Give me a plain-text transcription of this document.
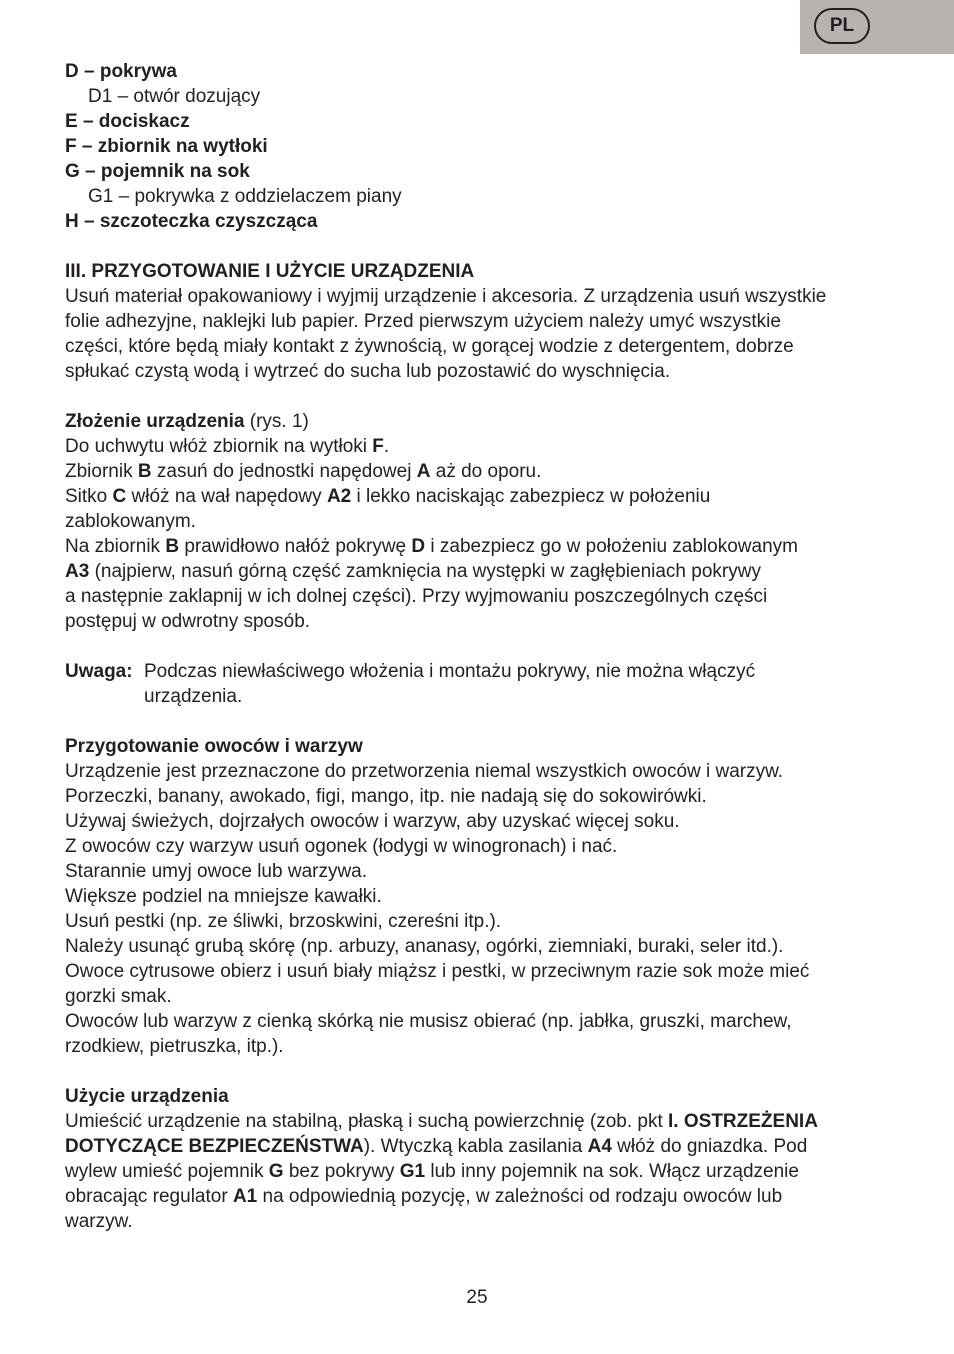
PL

D – pokrywa

D1 – otwór dozujący

E – dociskacz

F – zbiornik na wytłoki

G – pojemnik na sok

G1 – pokrywka z oddzielaczem piany

H – szczoteczka czyszcząca

III. PRZYGOTOWANIE I UŻYCIE URZĄDZENIA

Usuń materiał opakowaniowy i wyjmij urządzenie i akcesoria. Z urządzenia usuń wszystkie

folie adhezyjne, naklejki lub papier. Przed pierwszym użyciem należy umyć wszystkie

części, które będą miały kontakt z żywnością, w gorącej wodzie z detergentem, dobrze

spłukać czystą wodą i wytrzeć do sucha lub pozostawić do wyschnięcia.

Złożenie urządzenia (rys. 1)

Do uchwytu włóż zbiornik na wytłoki F.

Zbiornik B zasuń do jednostki napędowej A aż do oporu.

Sitko C włóż na wał napędowy A2 i lekko naciskając zabezpiecz w położeniu

zablokowanym.

Na zbiornik B prawidłowo nałóż pokrywę D i zabezpiecz go w położeniu zablokowanym

A3 (najpierw, nasuń górną część zamknięcia na występki w zagłębieniach pokrywy

a następnie zaklapnij w ich dolnej części). Przy wyjmowaniu poszczególnych części

postępuj w odwrotny sposób.

Uwaga: Podczas niewłaściwego włożenia i montażu pokrywy, nie można włączyć

urządzenia.

Przygotowanie owoców i warzyw

Urządzenie jest przeznaczone do przetworzenia niemal wszystkich owoców i warzyw.

Porzeczki, banany, awokado, figi, mango, itp. nie nadają się do sokowirówki.

Używaj świeżych, dojrzałych owoców i warzyw, aby uzyskać więcej soku.

Z owoców czy warzyw usuń ogonek (łodygi w winogronach) i nać.

Starannie umyj owoce lub warzywa.

Większe podziel na mniejsze kawałki.

Usuń pestki (np. ze śliwki, brzoskwini, czereśni itp.).

Należy usunąć grubą skórę (np. arbuzy, ananasy, ogórki, ziemniaki, buraki, seler itd.).

Owoce cytrusowe obierz i usuń biały miąższ i pestki, w przeciwnym razie sok może mieć

gorzki smak.

Owoców lub warzyw z cienką skórką nie musisz obierać (np. jabłka, gruszki, marchew,

rzodkiew, pietruszka, itp.).

Użycie urządzenia

Umieścić urządzenie na stabilną, płaską i suchą powierzchnię (zob. pkt I. OSTRZEŻENIA

DOTYCZĄCE BEZPIECZEŃSTWA). Wtyczką kabla zasilania A4 włóż do gniazdka. Pod

wylew umieść pojemnik G bez pokrywy G1 lub inny pojemnik na sok. Włącz urządzenie

obracając regulator A1 na odpowiednią pozycję, w zależności od rodzaju owoców lub

warzyw.

25
